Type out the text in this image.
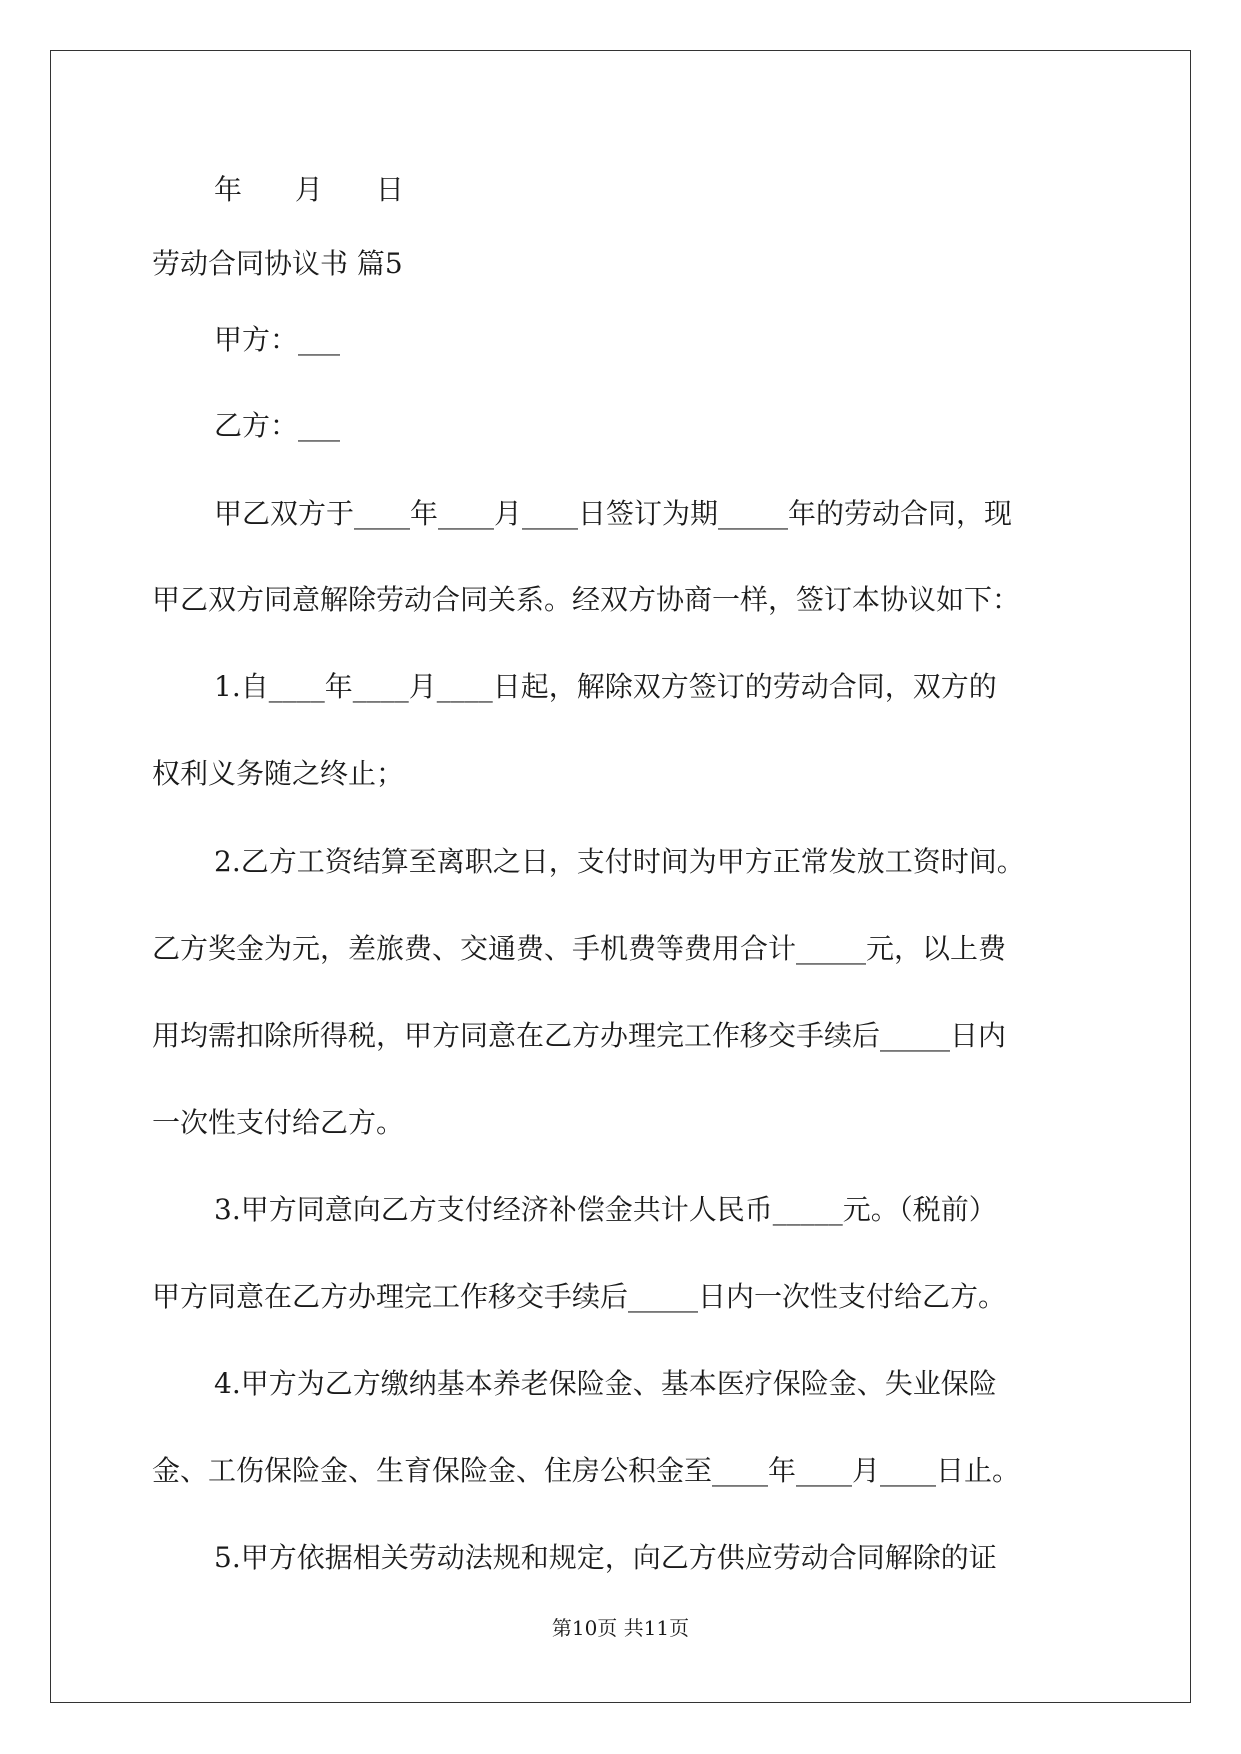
年 月 日
劳动合同协议书 篇5
甲方：___
乙方：___
甲乙双方于____年____月____日签订为期_____年的劳动合同，现
甲乙双方同意解除劳动合同关系。经双方协商一样，签订本协议如下：
1.自____年____月____日起，解除双方签订的劳动合同，双方的
权利义务随之终止；
2.乙方工资结算至离职之日，支付时间为甲方正常发放工资时间。
乙方奖金为元，差旅费、交通费、手机费等费用合计_____元，以上费
用均需扣除所得税，甲方同意在乙方办理完工作移交手续后_____日内
一次性支付给乙方。
3.甲方同意向乙方支付经济补偿金共计人民币_____元。（税前）
甲方同意在乙方办理完工作移交手续后_____日内一次性支付给乙方。
4.甲方为乙方缴纳基本养老保险金、基本医疗保险金、失业保险
金、工伤保险金、生育保险金、住房公积金至____年____月____日止。
5.甲方依据相关劳动法规和规定，向乙方供应劳动合同解除的证
第10页 共11页
